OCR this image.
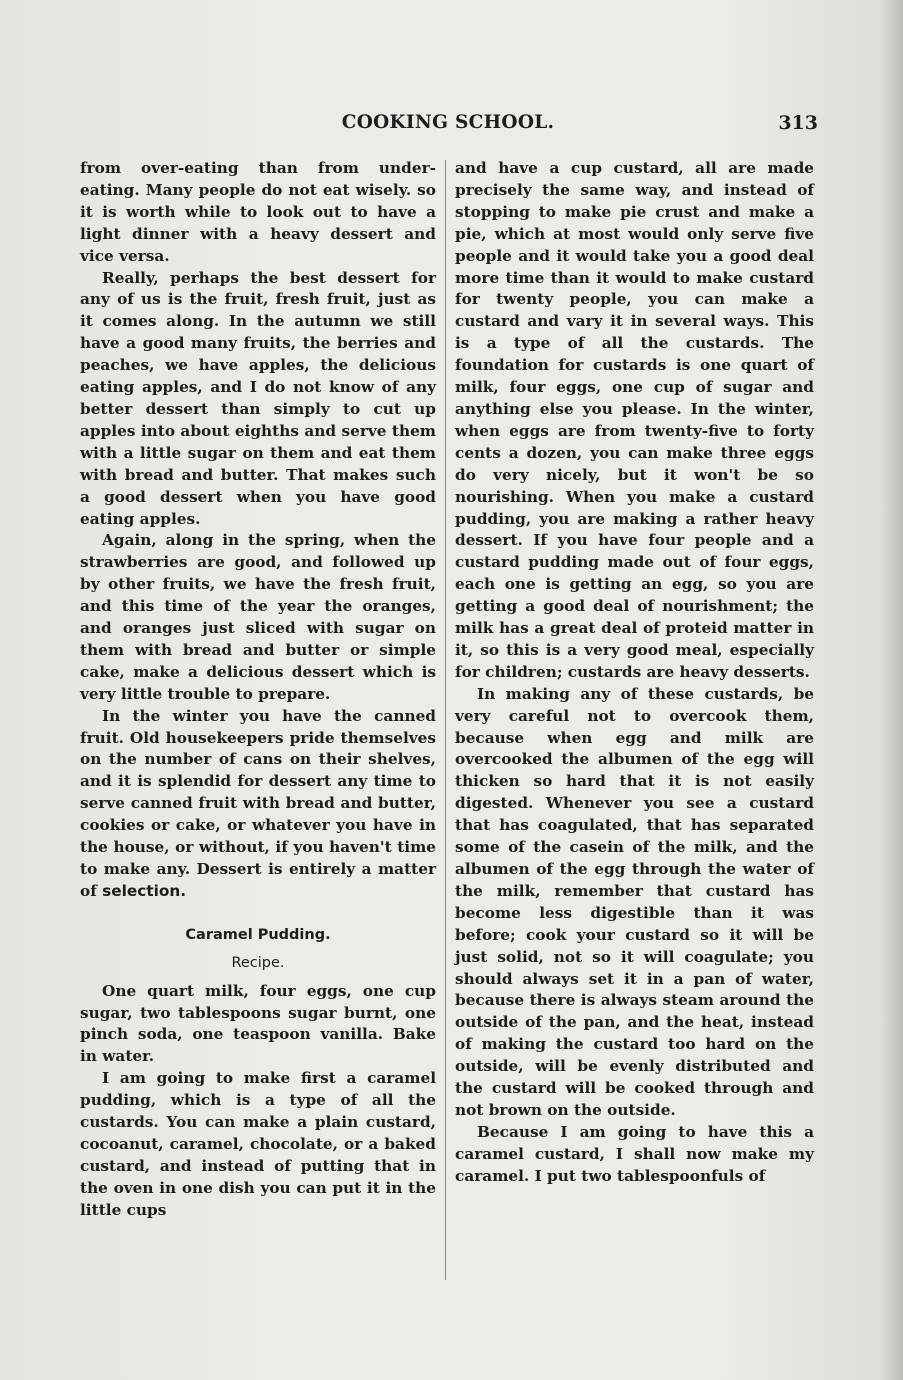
COOKING SCHOOL.	313

from over-eating than from under-eating. Many people do not eat wisely. so it is worth while to look out to have a light dinner with a heavy dessert and vice versa.

Really, perhaps the best dessert for any of us is the fruit, fresh fruit, just as it comes along. In the autumn we still have a good many fruits, the berries and peaches, we have apples, the delicious eating apples, and I do not know of any better dessert than simply to cut up apples into about eighths and serve them with a little sugar on them and eat them with bread and butter. That makes such a good dessert when you have good eating apples.

Again, along in the spring, when the strawberries are good, and followed up by other fruits, we have the fresh fruit, and this time of the year the oranges, and oranges just sliced with sugar on them with bread and butter or simple cake, make a delicious dessert which is very little trouble to prepare.

In the winter you have the canned fruit. Old housekeepers pride themselves on the number of cans on their shelves, and it is splendid for dessert any time to serve canned fruit with bread and butter, cookies or cake, or whatever you have in the house, or without, if you haven't time to make any. Dessert is entirely a matter of selection.

Caramel Pudding.
Recipe.

One quart milk, four eggs, one cup sugar, two tablespoons sugar burnt, one pinch soda, one teaspoon vanilla. Bake in water.

I am going to make first a caramel pudding, which is a type of all the custards. You can make a plain custard, cocoanut, caramel, chocolate, or a baked custard, and instead of putting that in the oven in one dish you can put it in the little cups

and have a cup custard, all are made precisely the same way, and instead of stopping to make pie crust and make a pie, which at most would only serve five people and it would take you a good deal more time than it would to make custard for twenty people, you can make a custard and vary it in several ways. This is a type of all the custards. The foundation for custards is one quart of milk, four eggs, one cup of sugar and anything else you please. In the winter, when eggs are from twenty-five to forty cents a dozen, you can make three eggs do very nicely, but it won't be so nourishing. When you make a custard pudding, you are making a rather heavy dessert. If you have four people and a custard pudding made out of four eggs, each one is getting an egg, so you are getting a good deal of nourishment; the milk has a great deal of proteid matter in it, so this is a very good meal, especially for children; custards are heavy desserts.

In making any of these custards, be very careful not to overcook them, because when egg and milk are overcooked the albumen of the egg will thicken so hard that it is not easily digested. Whenever you see a custard that has coagulated, that has separated some of the casein of the milk, and the albumen of the egg through the water of the milk, remember that custard has become less digestible than it was before; cook your custard so it will be just solid, not so it will coagulate; you should always set it in a pan of water, because there is always steam around the outside of the pan, and the heat, instead of making the custard too hard on the outside, will be evenly distributed and the custard will be cooked through and not brown on the outside.

Because I am going to have this a caramel custard, I shall now make my caramel. I put two tablespoonfuls of
